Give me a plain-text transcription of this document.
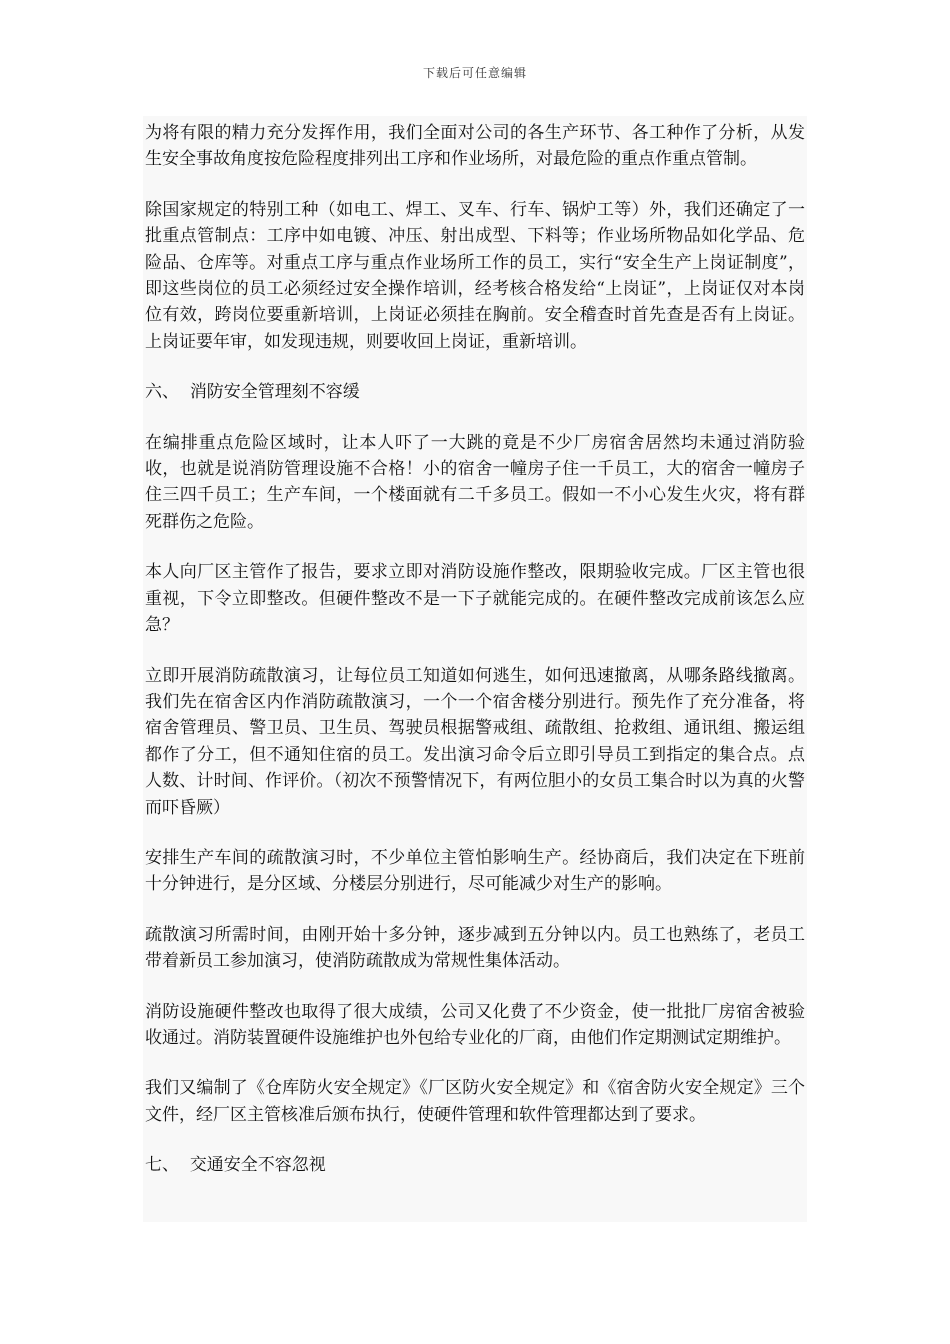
下载后可任意编辑

为将有限的精力充分发挥作用，我们全面对公司的各生产环节、各工种作了分析，从发生安全事故角度按危险程度排列出工序和作业场所，对最危险的重点作重点管制。

除国家规定的特别工种（如电工、焊工、叉车、行车、锅炉工等）外，我们还确定了一批重点管制点：工序中如电镀、冲压、射出成型、下料等；作业场所物品如化学品、危险品、仓库等。对重点工序与重点作业场所工作的员工，实行“安全生产上岗证制度”，即这些岗位的员工必须经过安全操作培训，经考核合格发给“上岗证”，上岗证仅对本岗位有效，跨岗位要重新培训，上岗证必须挂在胸前。安全稽查时首先查是否有上岗证。上岗证要年审，如发现违规，则要收回上岗证，重新培训。

六、 消防安全管理刻不容缓

在编排重点危险区域时，让本人吓了一大跳的竟是不少厂房宿舍居然均未通过消防验收，也就是说消防管理设施不合格！小的宿舍一幢房子住一千员工，大的宿舍一幢房子住三四千员工；生产车间，一个楼面就有二千多员工。假如一不小心发生火灾，将有群死群伤之危险。

本人向厂区主管作了报告，要求立即对消防设施作整改，限期验收完成。厂区主管也很重视，下令立即整改。但硬件整改不是一下子就能完成的。在硬件整改完成前该怎么应急？

立即开展消防疏散演习，让每位员工知道如何逃生，如何迅速撤离，从哪条路线撤离。我们先在宿舍区内作消防疏散演习，一个一个宿舍楼分别进行。预先作了充分准备，将宿舍管理员、警卫员、卫生员、驾驶员根据警戒组、疏散组、抢救组、通讯组、搬运组都作了分工，但不通知住宿的员工。发出演习命令后立即引导员工到指定的集合点。点人数、计时间、作评价。（初次不预警情况下，有两位胆小的女员工集合时以为真的火警而吓昏厥）

安排生产车间的疏散演习时，不少单位主管怕影响生产。经协商后，我们决定在下班前十分钟进行，是分区域、分楼层分别进行，尽可能减少对生产的影响。

疏散演习所需时间，由刚开始十多分钟，逐步减到五分钟以内。员工也熟练了，老员工带着新员工参加演习，使消防疏散成为常规性集体活动。

消防设施硬件整改也取得了很大成绩，公司又化费了不少资金，使一批批厂房宿舍被验收通过。消防装置硬件设施维护也外包给专业化的厂商，由他们作定期测试定期维护。

我们又编制了《仓库防火安全规定》《厂区防火安全规定》和《宿舍防火安全规定》三个文件，经厂区主管核准后颁布执行，使硬件管理和软件管理都达到了要求。

七、 交通安全不容忽视
